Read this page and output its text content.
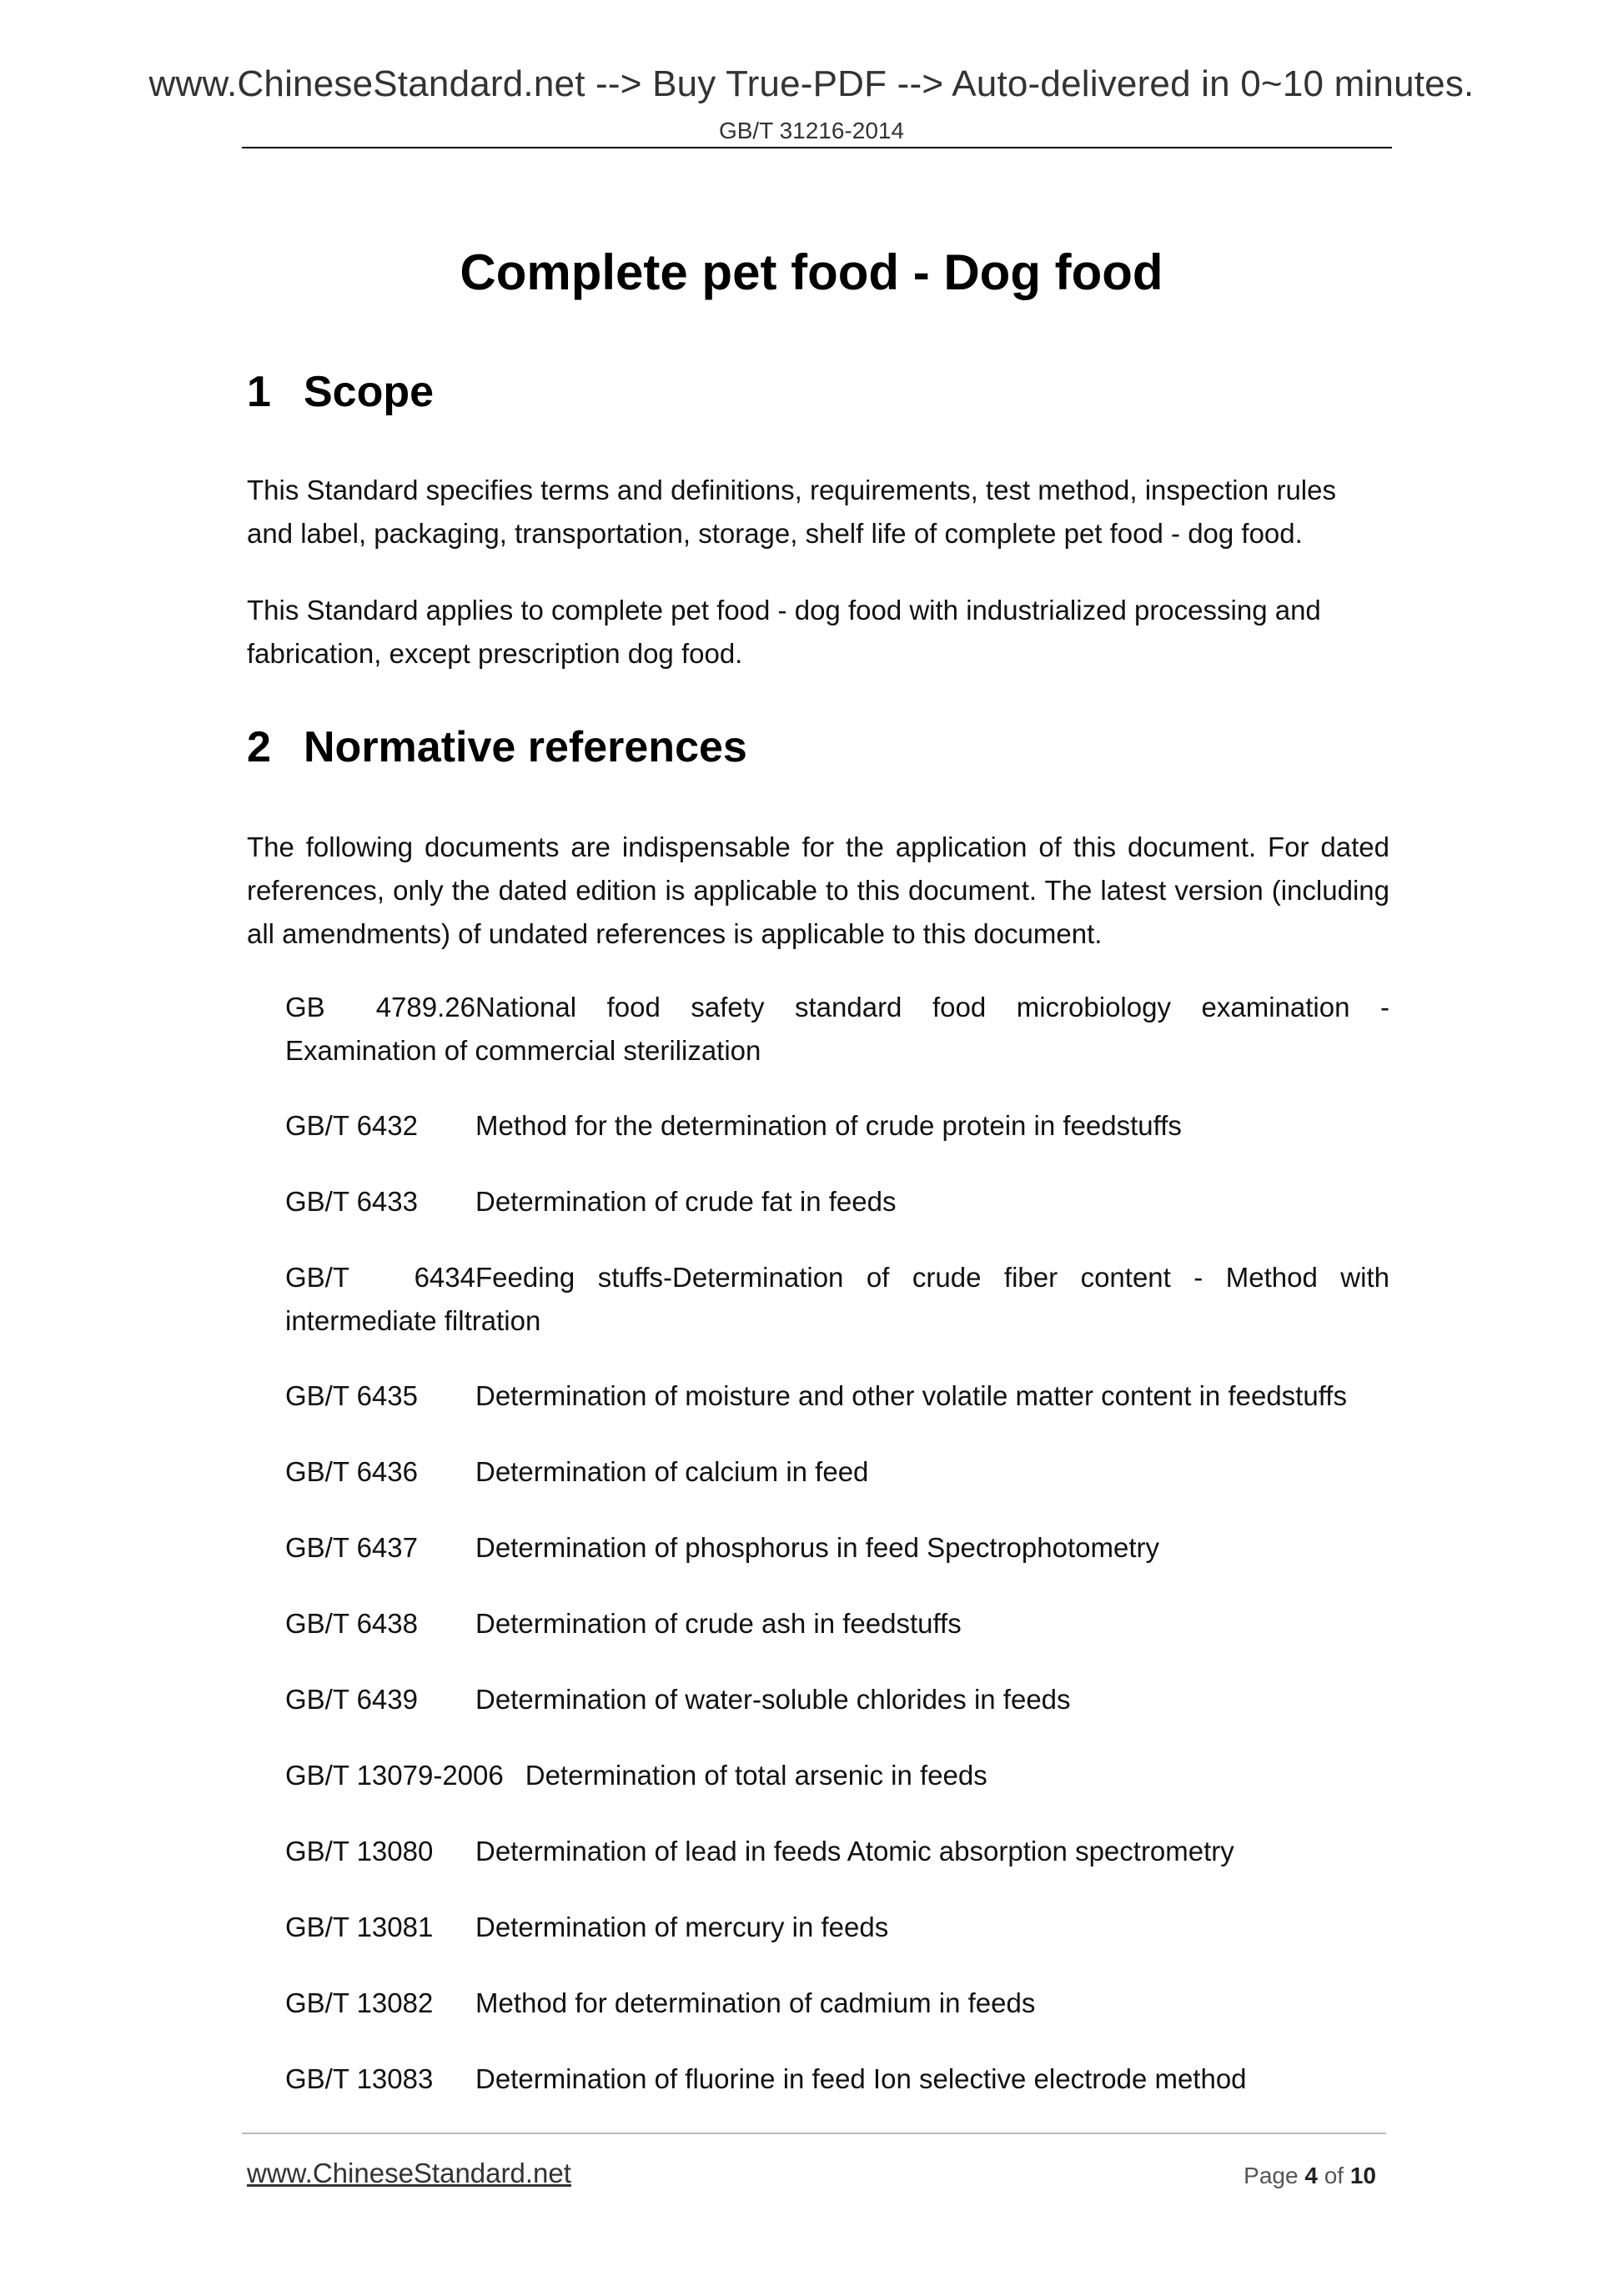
www.ChineseStandard.net --> Buy True-PDF --> Auto-delivered in 0~10 minutes.
GB/T 31216-2014
Complete pet food - Dog food
1 Scope

This Standard specifies terms and definitions, requirements, test method, inspection rules and label, packaging, transportation, storage, shelf life of complete pet food - dog food.

This Standard applies to complete pet food - dog food with industrialized processing and fabrication, except prescription dog food.

2 Normative references

The following documents are indispensable for the application of this document. For dated references, only the dated edition is applicable to this document. The latest version (including all amendments) of undated references is applicable to this document.

GB 4789.26National food safety standard food microbiology examination -
Examination of commercial sterilization
GB/T 6432 Method for the determination of crude protein in feedstuffs
GB/T 6433 Determination of crude fat in feeds
GB/T 6434Feeding stuffs-Determination of crude fiber content - Method with
intermediate filtration
GB/T 6435 Determination of moisture and other volatile matter content in feedstuffs
GB/T 6436 Determination of calcium in feed
GB/T 6437 Determination of phosphorus in feed Spectrophotometry
GB/T 6438 Determination of crude ash in feedstuffs
GB/T 6439 Determination of water-soluble chlorides in feeds
GB/T 13079-2006 Determination of total arsenic in feeds
GB/T 13080 Determination of lead in feeds Atomic absorption spectrometry
GB/T 13081 Determination of mercury in feeds
GB/T 13082 Method for determination of cadmium in feeds
GB/T 13083 Determination of fluorine in feed Ion selective electrode method
www.ChineseStandard.net	Page 4 of 10
